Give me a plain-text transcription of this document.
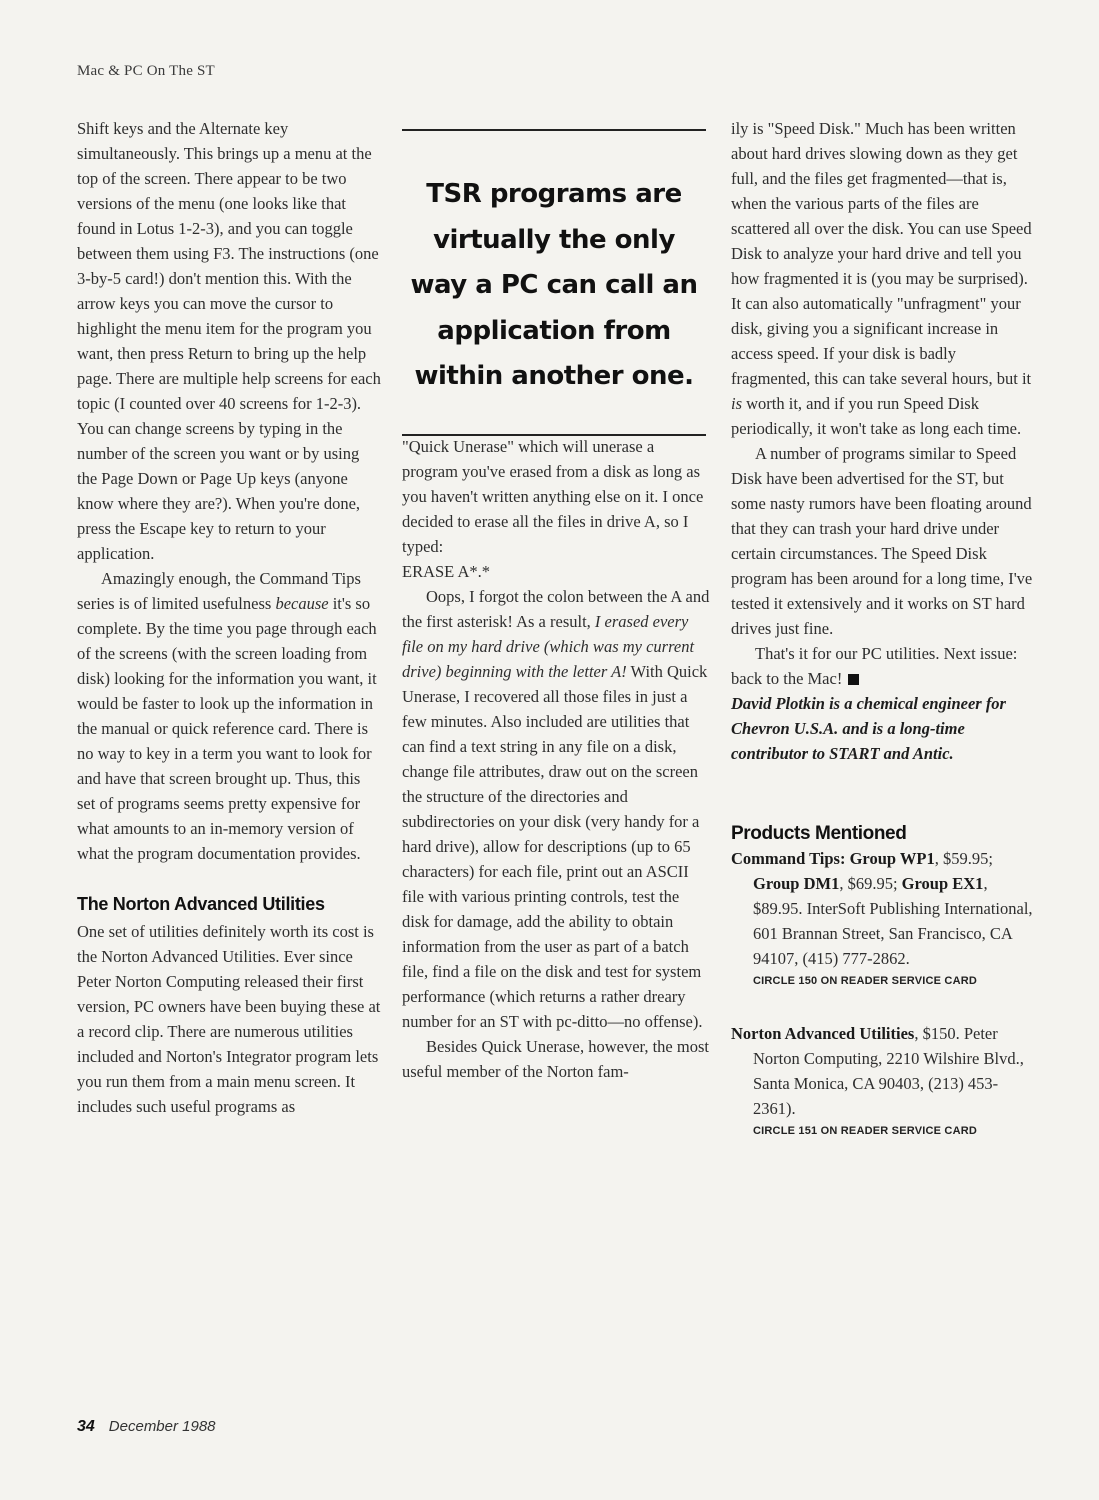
Mac & PC On The ST

Shift keys and the Alternate key simultaneously. This brings up a menu at the top of the screen. There appear to be two versions of the menu (one looks like that found in Lotus 1-2-3), and you can toggle between them using F3. The instructions (one 3-by-5 card!) don't mention this. With the arrow keys you can move the cursor to highlight the menu item for the program you want, then press Return to bring up the help page. There are multiple help screens for each topic (I counted over 40 screens for 1-2-3). You can change screens by typing in the number of the screen you want or by using the Page Down or Page Up keys (anyone know where they are?). When you're done, press the Escape key to return to your application.

Amazingly enough, the Command Tips series is of limited usefulness because it's so complete. By the time you page through each of the screens (with the screen loading from disk) looking for the information you want, it would be faster to look up the information in the manual or quick reference card. There is no way to key in a term you want to look for and have that screen brought up. Thus, this set of programs seems pretty expensive for what amounts to an in-memory version of what the program documentation provides.

The Norton Advanced Utilities

One set of utilities definitely worth its cost is the Norton Advanced Utilities. Ever since Peter Norton Computing released their first version, PC owners have been buying these at a record clip. There are numerous utilities included and Norton's Integrator program lets you run them from a main menu screen. It includes such useful programs as

TSR programs are virtually the only way a PC can call an application from within another one.

"Quick Unerase" which will unerase a program you've erased from a disk as long as you haven't written anything else on it. I once decided to erase all the files in drive A, so I typed:

ERASE A*.*

Oops, I forgot the colon between the A and the first asterisk! As a result, I erased every file on my hard drive (which was my current drive) beginning with the letter A! With Quick Unerase, I recovered all those files in just a few minutes. Also included are utilities that can find a text string in any file on a disk, change file attributes, draw out on the screen the structure of the directories and subdirectories on your disk (very handy for a hard drive), allow for descriptions (up to 65 characters) for each file, print out an ASCII file with various printing controls, test the disk for damage, add the ability to obtain information from the user as part of a batch file, find a file on the disk and test for system performance (which returns a rather dreary number for an ST with pc-ditto—no offense).

Besides Quick Unerase, however, the most useful member of the Norton fam-

ily is "Speed Disk." Much has been written about hard drives slowing down as they get full, and the files get fragmented—that is, when the various parts of the files are scattered all over the disk. You can use Speed Disk to analyze your hard drive and tell you how fragmented it is (you may be surprised). It can also automatically "unfragment" your disk, giving you a significant increase in access speed. If your disk is badly fragmented, this can take several hours, but it is worth it, and if you run Speed Disk periodically, it won't take as long each time.

A number of programs similar to Speed Disk have been advertised for the ST, but some nasty rumors have been floating around that they can trash your hard drive under certain circumstances. The Speed Disk program has been around for a long time, I've tested it extensively and it works on ST hard drives just fine.

That's it for our PC utilities. Next issue: back to the Mac!

David Plotkin is a chemical engineer for Chevron U.S.A. and is a long-time contributor to START and Antic.

Products Mentioned

Command Tips: Group WP1, $59.95; Group DM1, $69.95; Group EX1, $89.95. InterSoft Publishing International, 601 Brannan Street, San Francisco, CA 94107, (415) 777-2862.

CIRCLE 150 ON READER SERVICE CARD

Norton Advanced Utilities, $150. Peter Norton Computing, 2210 Wilshire Blvd., Santa Monica, CA 90403, (213) 453-2361).

CIRCLE 151 ON READER SERVICE CARD
34 December 1988
